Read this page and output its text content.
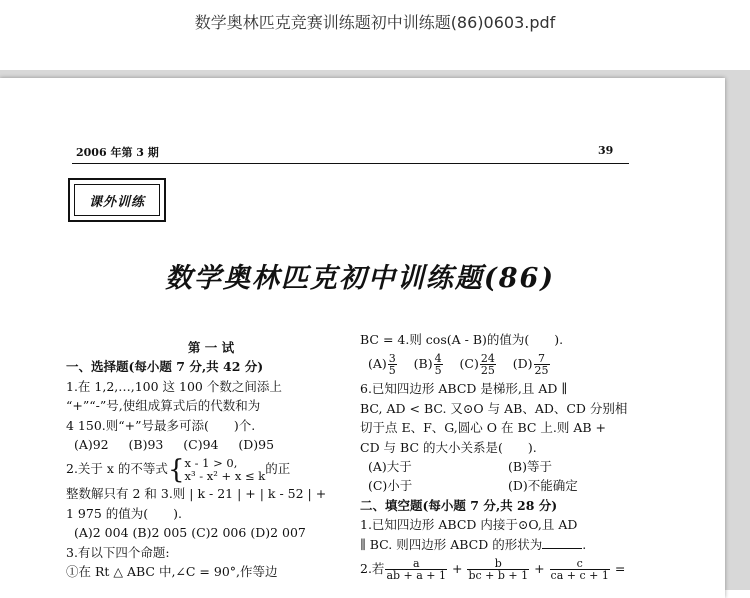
数学奥林匹克竞赛训练题初中训练题(86)0603.pdf
2006 年第 3 期	39
课外训练
数学奥林匹克初中训练题(86)
第 一 试
一、选择题(每小题 7 分,共 42 分)
1.在 1,2,…,100 这 100 个数之间添上
“+”“-”号,使组成算式后的代数和为
4 150.则“+”号最多可添(　　)个.
(A)92 (B)93 (C)94 (D)95
2.关于 x 的不等式{ x - 1 > 0,
x³ - x² + x ≤ k 的正
整数解只有 2 和 3.则 | k - 21 | + | k - 52 | +
1 975 的值为(　　).
(A)2 004 (B)2 005 (C)2 006 (D)2 007
3.有以下四个命题:
①在 Rt △ ABC 中,∠C = 90°,作等边
BC = 4.则 cos(A - B)的值为(　　).
$(A) \frac{3}{5} (B) \frac{4}{5} (C) \frac{24}{25} (D) \frac{7}{25}$
6.已知四边形 ABCD 是梯形,且 AD ∥
BC, AD < BC. 又⊙O 与 AB、AD、CD 分别相
切于点 E、F、G,圆心 O 在 BC 上.则 AB +
CD 与 BC 的大小关系是(　　).
(A)大于	(B)等于
(C)小于	(D)不能确定
二、填空题(每小题 7 分,共 28 分)
1.已知四边形 ABCD 内接于⊙O,且 AD
∥ BC. 则四边形 ABCD 的形状为	.
2.若 $\frac{a}{ab + a + 1} + \frac{b}{bc + b + 1} + \frac{c}{ca + c + 1}$ =
